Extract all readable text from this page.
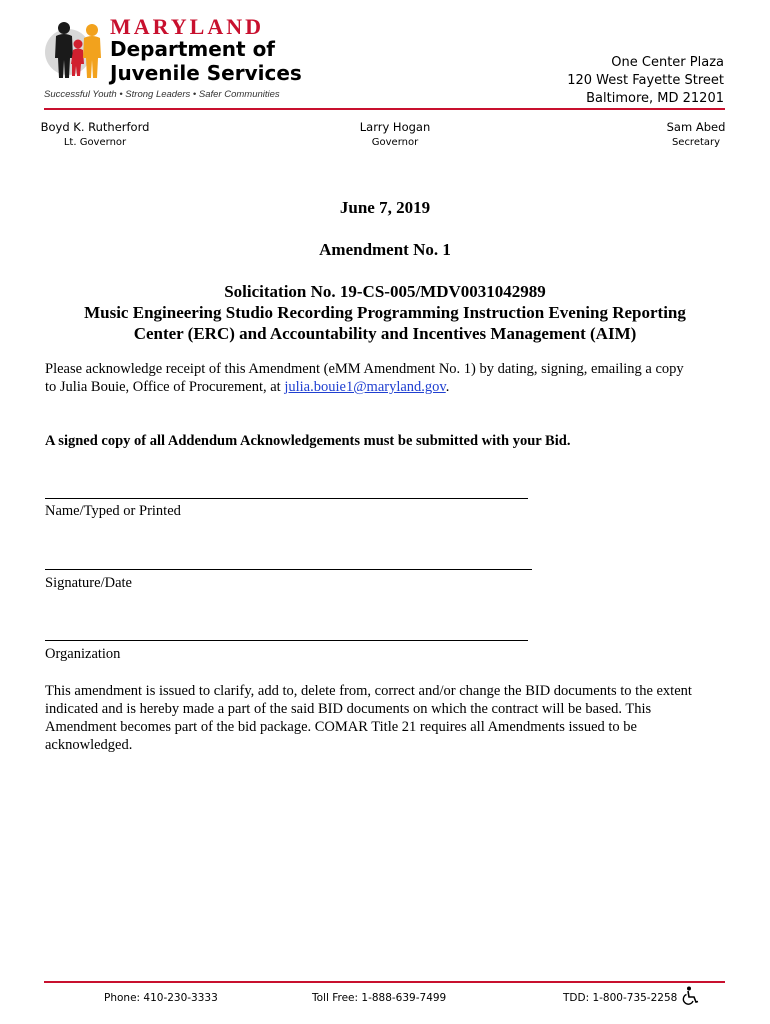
MARYLAND
Department of
Juvenile Services
Successful Youth • Strong Leaders • Safer Communities
One Center Plaza
120 West Fayette Street
Baltimore, MD 21201
Boyd K. Rutherford
Lt. Governor
Larry Hogan
Governor
Sam Abed
Secretary
June 7, 2019
Amendment No. 1
Solicitation No. 19-CS-005/MDV0031042989
Music Engineering Studio Recording Programming Instruction Evening Reporting
Center (ERC) and Accountability and Incentives Management (AIM)
Please acknowledge receipt of this Amendment (eMM Amendment No. 1) by dating, signing, emailing a copy
to Julia Bouie, Office of Procurement, at julia.bouie1@maryland.gov.
A signed copy of all Addendum Acknowledgements must be submitted with your Bid.
Name/Typed or Printed
Signature/Date
Organization
This amendment is issued to clarify, add to, delete from, correct and/or change the BID documents to the extent
indicated and is hereby made a part of the said BID documents on which the contract will be based. This
Amendment becomes part of the bid package. COMAR Title 21 requires all Amendments issued to be
acknowledged.
Phone: 410-230-3333	Toll Free: 1-888-639-7499	TDD: 1-800-735-2258
